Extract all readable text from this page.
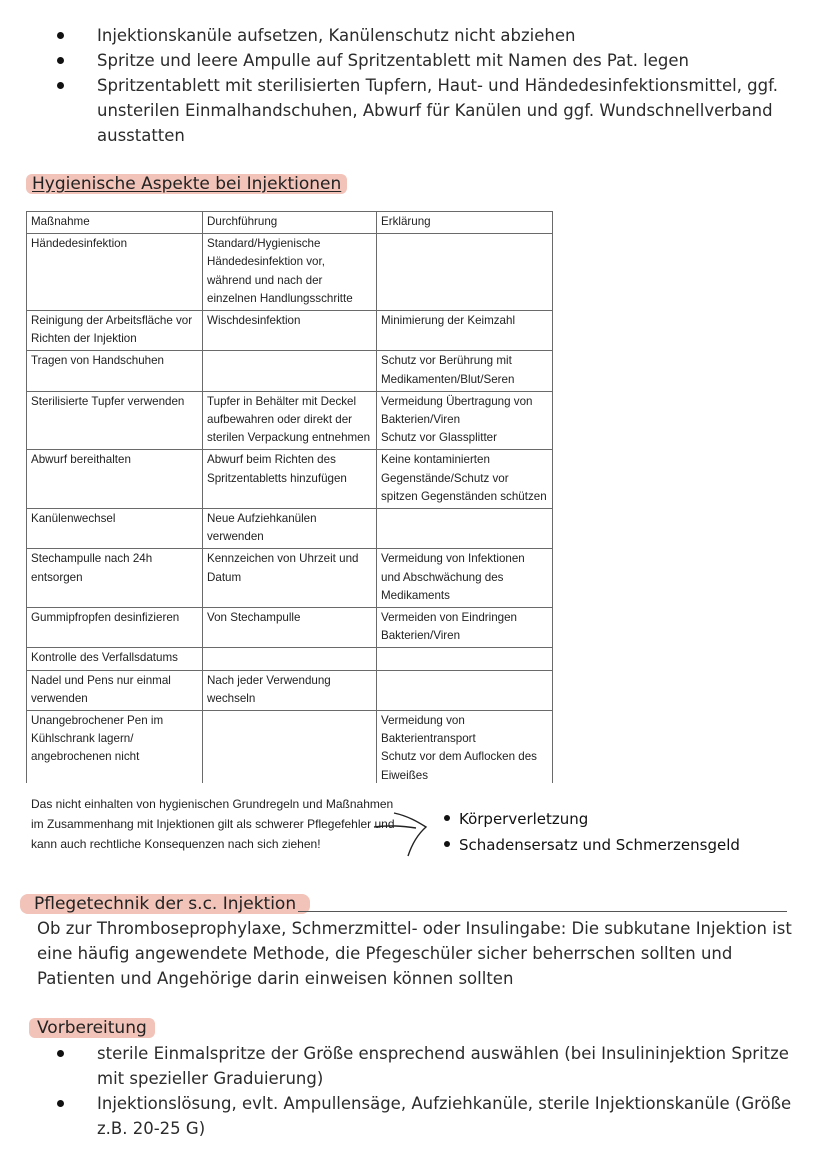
Injektionskanüle aufsetzen, Kanülenschutz nicht abziehen
Spritze und leere Ampulle auf Spritzentablett mit Namen des Pat. legen
Spritzentablett mit sterilisierten Tupfern, Haut- und Händedesinfektionsmittel, ggf. unsterilen Einmalhandschuhen, Abwurf für Kanülen und ggf. Wundschnellverband ausstatten
Hygienische Aspekte bei Injektionen
Maßnahme	Durchführung	Erklärung
Händedesinfektion	Standard/Hygienische Händedesinfektion vor, während und nach der einzelnen Handlungsschritte	
Reinigung der Arbeitsfläche vor Richten der Injektion	Wischdesinfektion	Minimierung der Keimzahl
Tragen von Handschuhen		Schutz vor Berührung mit Medikamenten/Blut/Seren
Sterilisierte Tupfer verwenden	Tupfer in Behälter mit Deckel aufbewahren oder direkt der sterilen Verpackung entnehmen	Vermeidung Übertragung von Bakterien/Viren
Schutz vor Glassplitter
Abwurf bereithalten	Abwurf beim Richten des Spritzentabletts hinzufügen	Keine kontaminierten Gegenstände/Schutz vor spitzen Gegenständen schützen
Kanülenwechsel	Neue Aufziehkanülen verwenden	
Stechampulle nach 24h entsorgen	Kennzeichen von Uhrzeit und Datum	Vermeidung von Infektionen und Abschwächung des Medikaments
Gummipfropfen desinfizieren	Von Stechampulle	Vermeiden von Eindringen Bakterien/Viren
Kontrolle des Verfallsdatums		
Nadel und Pens nur einmal verwenden	Nach jeder Verwendung wechseln	
Unangebrochener Pen im Kühlschrank lagern/ angebrochenen nicht		Vermeidung von Bakterientransport
Schutz vor dem Auflocken des Eiweißes
Das nicht einhalten von hygienischen Grundregeln und Maßnahmen im Zusammenhang mit Injektionen gilt als schwerer Pflegefehler und kann auch rechtliche Konsequenzen nach sich ziehen!
Körperverletzung
Schadensersatz und Schmerzensgeld
Pflegetechnik der s.c. Injektion
Ob zur Thromboseprophylaxe, Schmerzmittel- oder Insulingabe: Die subkutane Injektion ist eine häufig angewendete Methode, die Pfegeschüler sicher beherrschen sollten und Patienten und Angehörige darin einweisen können sollten
Vorbereitung
sterile Einmalspritze der Größe ensprechend auswählen (bei Insulininjektion Spritze mit spezieller Graduierung)
Injektionslösung, evlt. Ampullensäge, Aufziehkanüle, sterile Injektionskanüle (Größe z.B. 20-25 G)
